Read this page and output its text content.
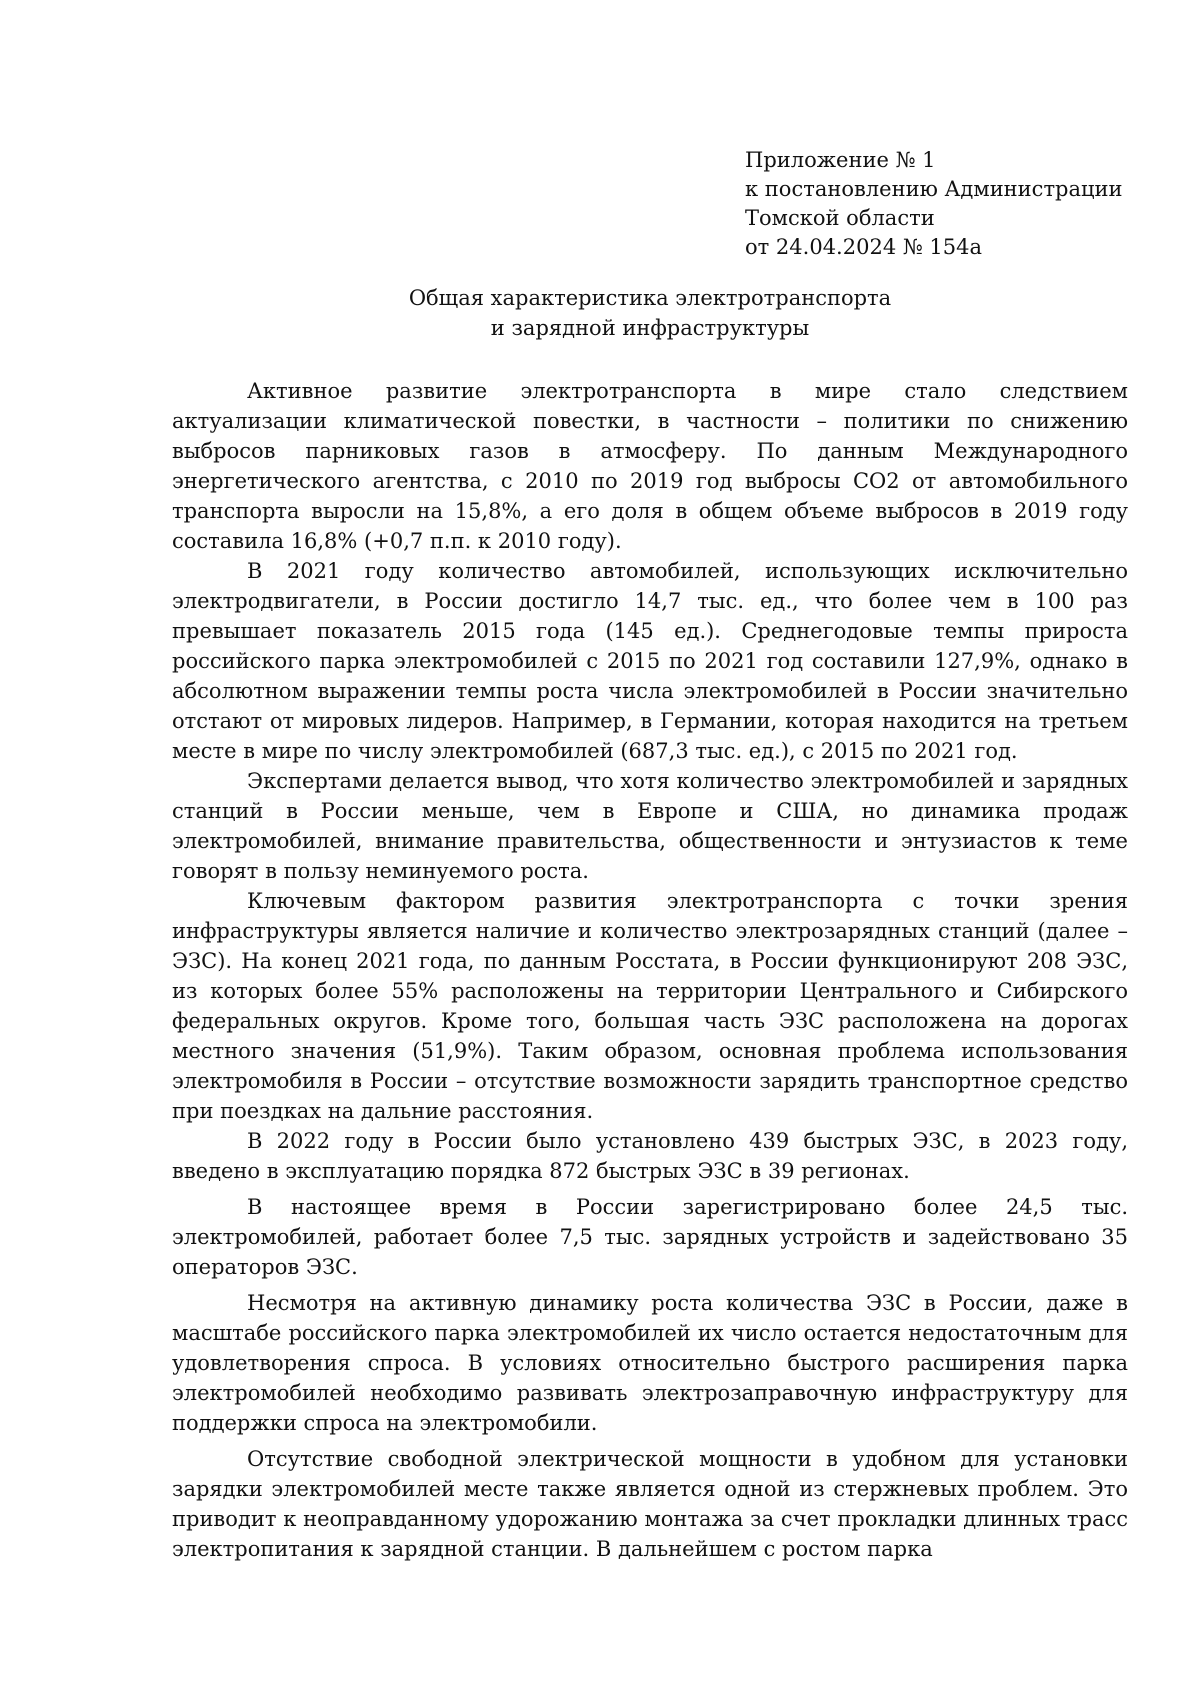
Приложение № 1
к постановлению Администрации
Томской области
от 24.04.2024 № 154а
Общая характеристика электротранспорта
и зарядной инфраструктуры

Активное развитие электротранспорта в мире стало следствием актуализации климатической повестки, в частности – политики по снижению выбросов парниковых газов в атмосферу. По данным Международного энергетического агентства, с 2010 по 2019 год выбросы CO2 от автомобильного транспорта выросли на 15,8%, а его доля в общем объеме выбросов в 2019 году составила 16,8% (+0,7 п.п. к 2010 году).

В 2021 году количество автомобилей, использующих исключительно электродвигатели, в России достигло 14,7 тыс. ед., что более чем в 100 раз превышает показатель 2015 года (145 ед.). Среднегодовые темпы прироста российского парка электромобилей с 2015 по 2021 год составили 127,9%, однако в абсолютном выражении темпы роста числа электромобилей в России значительно отстают от мировых лидеров. Например, в Германии, которая находится на третьем месте в мире по числу электромобилей (687,3 тыс. ед.), с 2015 по 2021 год.

Экспертами делается вывод, что хотя количество электромобилей и зарядных станций в России меньше, чем в Европе и США, но динамика продаж электромобилей, внимание правительства, общественности и энтузиастов к теме говорят в пользу неминуемого роста.

Ключевым фактором развития электротранспорта с точки зрения инфраструктуры является наличие и количество электрозарядных станций (далее – ЭЗС). На конец 2021 года, по данным Росстата, в России функционируют 208 ЭЗС, из которых более 55% расположены на территории Центрального и Сибирского федеральных округов. Кроме того, большая часть ЭЗС расположена на дорогах местного значения (51,9%). Таким образом, основная проблема использования электромобиля в России – отсутствие возможности зарядить транспортное средство при поездках на дальние расстояния.

В 2022 году в России было установлено 439 быстрых ЭЗС, в 2023 году, введено в эксплуатацию порядка 872 быстрых ЭЗС в 39 регионах.

В настоящее время в России зарегистрировано более 24,5 тыс. электромобилей, работает более 7,5 тыс. зарядных устройств и задействовано 35 операторов ЭЗС.

Несмотря на активную динамику роста количества ЭЗС в России, даже в масштабе российского парка электромобилей их число остается недостаточным для удовлетворения спроса. В условиях относительно быстрого расширения парка электромобилей необходимо развивать электрозаправочную инфраструктуру для поддержки спроса на электромобили.

Отсутствие свободной электрической мощности в удобном для установки зарядки электромобилей месте также является одной из стержневых проблем. Это приводит к неоправданному удорожанию монтажа за счет прокладки длинных трасс электропитания к зарядной станции. В дальнейшем с ростом парка
